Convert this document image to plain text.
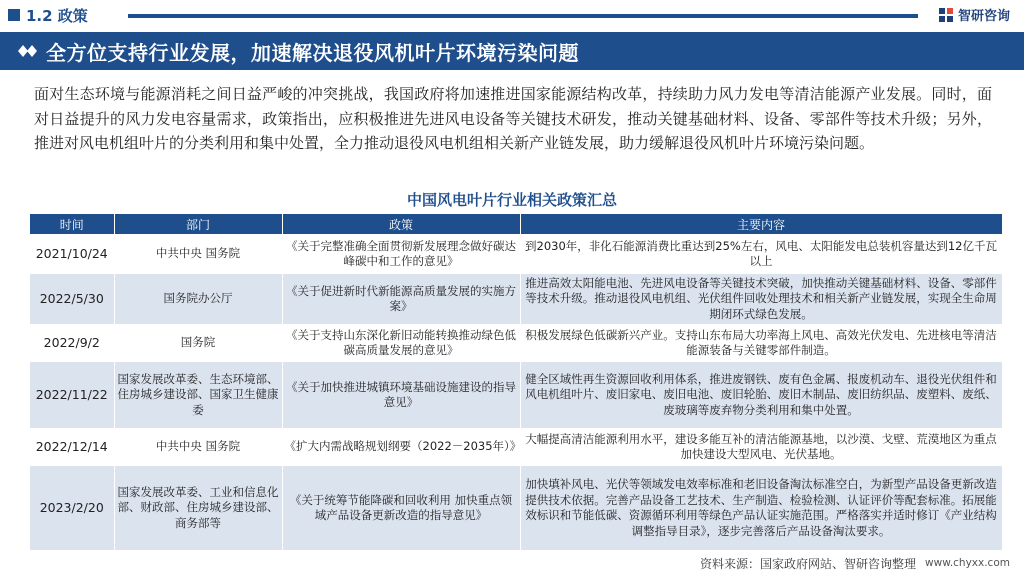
1.2 政策	智研咨询
全方位支持行业发展，加速解决退役风机叶片环境污染问题

面对生态环境与能源消耗之间日益严峻的冲突挑战，我国政府将加速推进国家能源结构改革，持续助力风力发电等清洁能源产业发展。同时，面对日益提升的风力发电容量需求，政策指出，应积极推进先进风电设备等关键技术研发，推动关键基础材料、设备、零部件等技术升级；另外，推进对风电机组叶片的分类利用和集中处置，全力推动退役风电机组相关新产业链发展，助力缓解退役风机叶片环境污染问题。

中国风电叶片行业相关政策汇总
时间	部门	政策	主要内容
2021/10/24	中共中央 国务院	《关于完整准确全面贯彻新发展理念做好碳达峰碳中和工作的意见》	到2030年，非化石能源消费比重达到25%左右，风电、太阳能发电总装机容量达到12亿千瓦以上
2022/5/30	国务院办公厅	《关于促进新时代新能源高质量发展的实施方案》	推进高效太阳能电池、先进风电设备等关键技术突破，加快推动关键基础材料、设备、零部件等技术升级。推动退役风电机组、光伏组件回收处理技术和相关新产业链发展，实现全生命周期闭环式绿色发展。
2022/9/2	国务院	《关于支持山东深化新旧动能转换推动绿色低碳高质量发展的意见》	积极发展绿色低碳新兴产业。支持山东布局大功率海上风电、高效光伏发电、先进核电等清洁能源装备与关键零部件制造。
2022/11/22	国家发展改革委、生态环境部、住房城乡建设部、国家卫生健康委	《关于加快推进城镇环境基础设施建设的指导意见》	健全区域性再生资源回收利用体系，推进废钢铁、废有色金属、报废机动车、退役光伏组件和风电机组叶片、废旧家电、废旧电池、废旧轮胎、废旧木制品、废旧纺织品、废塑料、废纸、废玻璃等废弃物分类利用和集中处置。
2022/12/14	中共中央 国务院	《扩大内需战略规划纲要（2022－2035年）》	大幅提高清洁能源利用水平，建设多能互补的清洁能源基地，以沙漠、戈壁、荒漠地区为重点加快建设大型风电、光伏基地。
2023/2/20	国家发展改革委、工业和信息化部、财政部、住房城乡建设部、商务部等	《关于统筹节能降碳和回收利用 加快重点领域产品设备更新改造的指导意见》	加快填补风电、光伏等领域发电效率标准和老旧设备淘汰标准空白，为新型产品设备更新改造提供技术依据。完善产品设备工艺技术、生产制造、检验检测、认证评价等配套标准。拓展能效标识和节能低碳、资源循环利用等绿色产品认证实施范围。严格落实并适时修订《产业结构调整指导目录》，逐步完善落后产品设备淘汰要求。
资料来源：国家政府网站、智研咨询整理 www.chyxx.com
